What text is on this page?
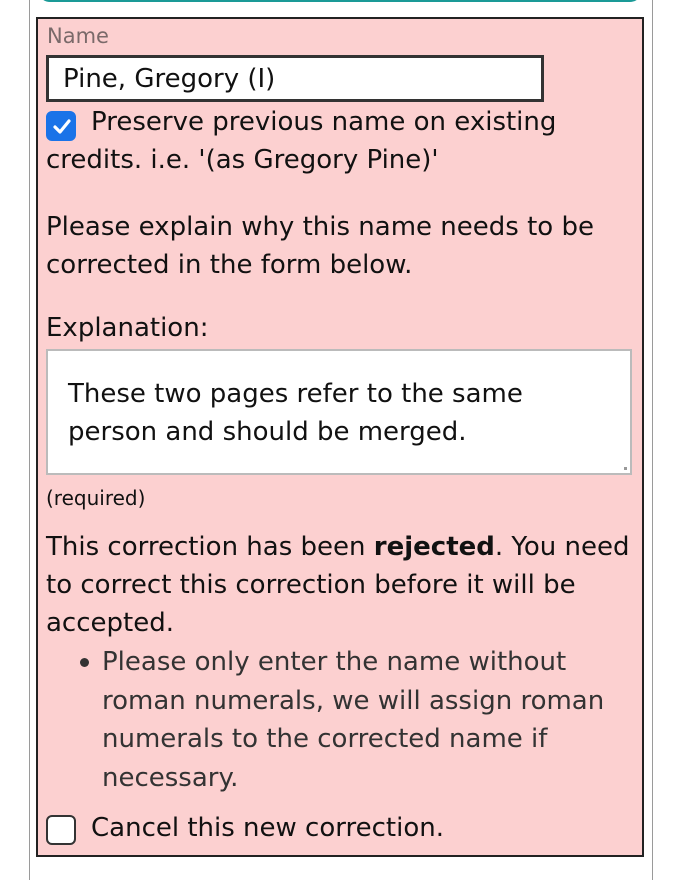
Name
Pine, Gregory (I)
Preserve previous name on existing credits. i.e. '(as Gregory Pine)'
Please explain why this name needs to be corrected in the form below.
Explanation:
These two pages refer to the same person and should be merged.
(required)
This correction has been rejected. You need to correct this correction before it will be accepted.
Please only enter the name without roman numerals, we will assign roman numerals to the corrected name if necessary.
Cancel this new correction.
